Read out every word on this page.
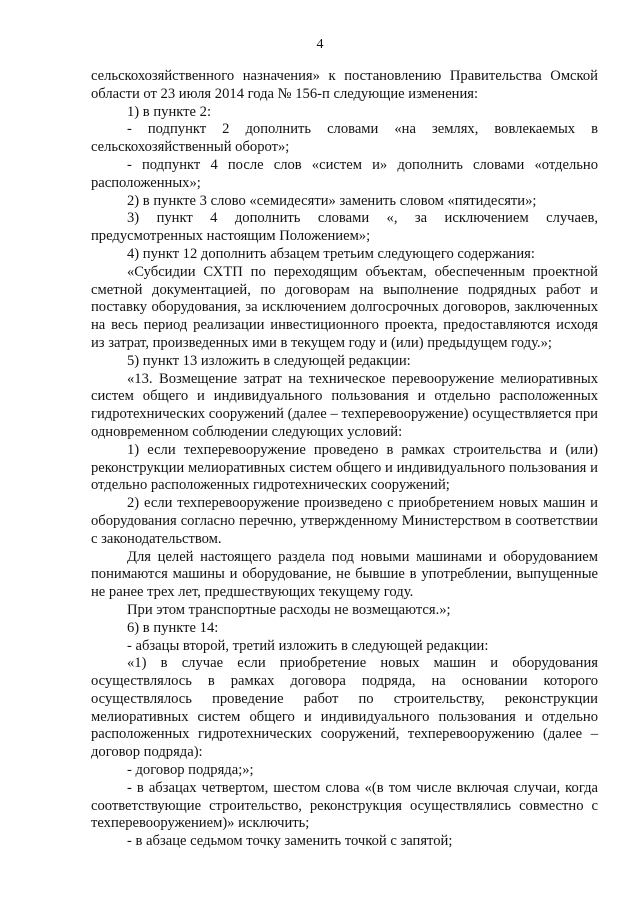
4

сельскохозяйственного назначения» к постановлению Правительства Омской области от 23 июля 2014 года № 156-п следующие изменения:

1) в пункте 2:

- подпункт 2 дополнить словами «на землях, вовлекаемых в сельскохозяйственный оборот»;

- подпункт 4 после слов «систем и» дополнить словами «отдельно расположенных»;

2) в пункте 3 слово «семидесяти» заменить словом «пятидесяти»;

3) пункт 4 дополнить словами «, за исключением случаев, предусмотренных настоящим Положением»;

4) пункт 12 дополнить абзацем третьим следующего содержания:

«Субсидии СХТП по переходящим объектам, обеспеченным проектной сметной документацией, по договорам на выполнение подрядных работ и поставку оборудования, за исключением долгосрочных договоров, заключенных на весь период реализации инвестиционного проекта, предоставляются исходя из затрат, произведенных ими в текущем году и (или) предыдущем году.»;

5) пункт 13 изложить в следующей редакции:

«13. Возмещение затрат на техническое перевооружение мелиоративных систем общего и индивидуального пользования и отдельно расположенных гидротехнических сооружений (далее – техперевооружение) осуществляется при одновременном соблюдении следующих условий:

1) если техперевооружение проведено в рамках строительства и (или) реконструкции мелиоративных систем общего и индивидуального пользования и отдельно расположенных гидротехнических сооружений;

2) если техперевооружение произведено с приобретением новых машин и оборудования согласно перечню, утвержденному Министерством в соответствии с законодательством.

Для целей настоящего раздела под новыми машинами и оборудованием понимаются машины и оборудование, не бывшие в употреблении, выпущенные не ранее трех лет, предшествующих текущему году.

При этом транспортные расходы не возмещаются.»;

6) в пункте 14:

- абзацы второй, третий изложить в следующей редакции:

«1) в случае если приобретение новых машин и оборудования осуществлялось в рамках договора подряда, на основании которого осуществлялось проведение работ по строительству, реконструкции мелиоративных систем общего и индивидуального пользования и отдельно расположенных гидротехнических сооружений, техперевооружению (далее – договор подряда):

- договор подряда;»;

- в абзацах четвертом, шестом слова «(в том числе включая случаи, когда соответствующие строительство, реконструкция осуществлялись совместно с техперевооружением)» исключить;

- в абзаце седьмом точку заменить точкой с запятой;
